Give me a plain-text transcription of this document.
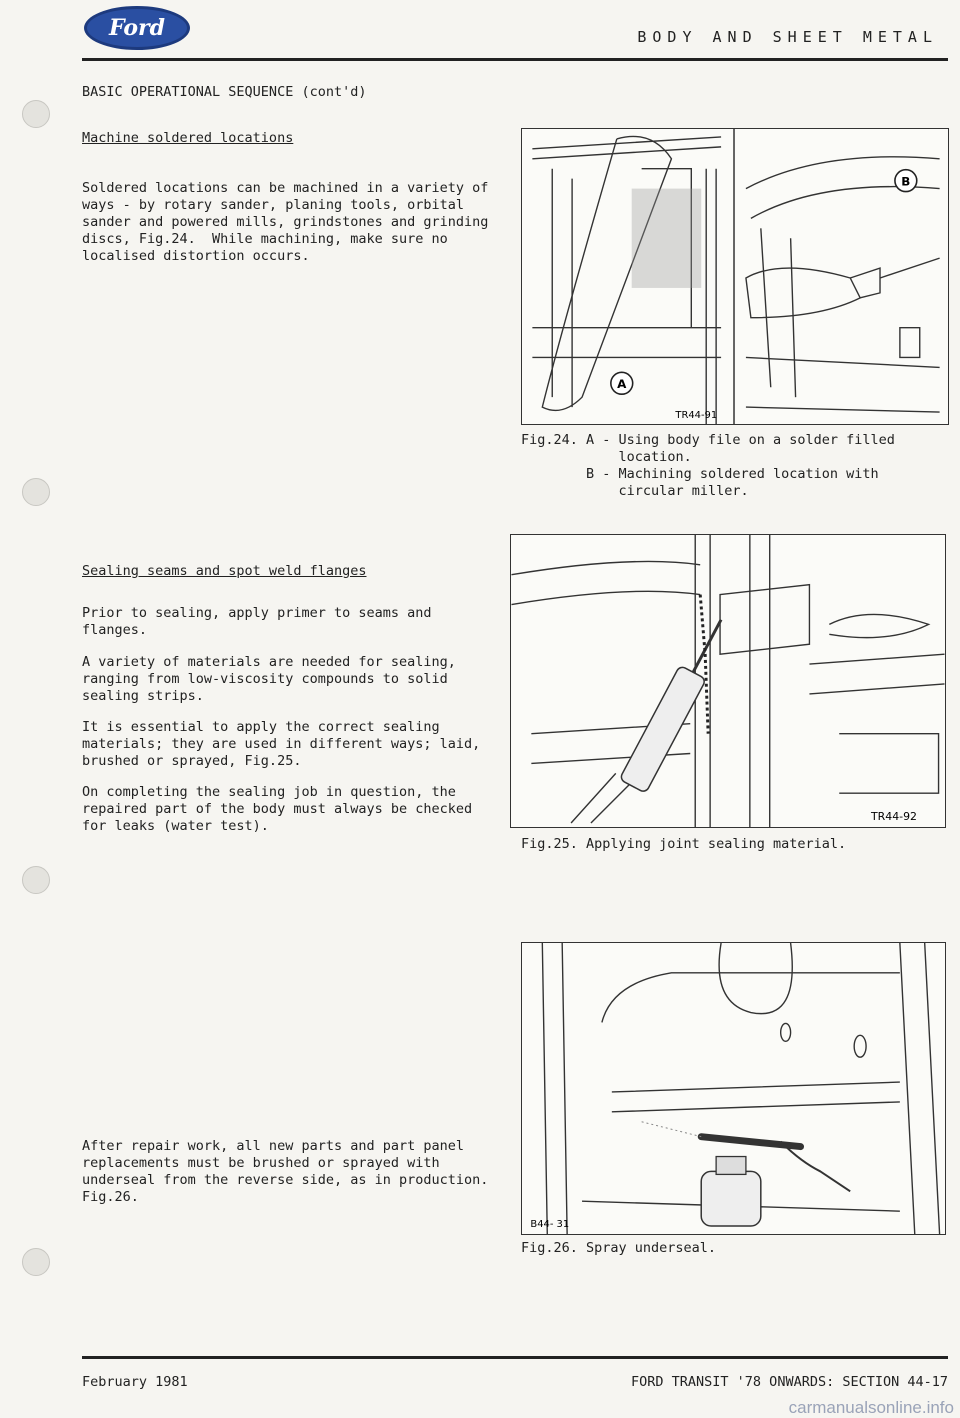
Ford	BODY AND SHEET METAL
BASIC OPERATIONAL SEQUENCE (cont'd)
Machine soldered locations
Soldered locations can be machined in a variety of
ways - by rotary sander, planing tools, orbital
sander and powered mills, grindstones and grinding
discs, Fig.24.  While machining, make sure no
localised distortion occurs.
Sealing seams and spot weld flanges
Prior to sealing, apply primer to seams and
flanges.
A variety of materials are needed for sealing,
ranging from low-viscosity compounds to solid
sealing strips.
It is essential to apply the correct sealing
materials; they are used in different ways; laid,
brushed or sprayed, Fig.25.
On completing the sealing job in question, the
repaired part of the body must always be checked
for leaks (water test).
After repair work, all new parts and part panel
replacements must be brushed or sprayed with
underseal from the reverse side, as in production.
Fig.26.
A
TR44-91
B
Fig.24. A - Using body file on a solder filled
location.
B - Machining soldered location with
circular miller.
TR44-92
Fig.25. Applying joint sealing material.
B44- 31
Fig.26. Spray underseal.
February 1981	FORD TRANSIT '78 ONWARDS: SECTION 44-17
carmanualsonline.info
